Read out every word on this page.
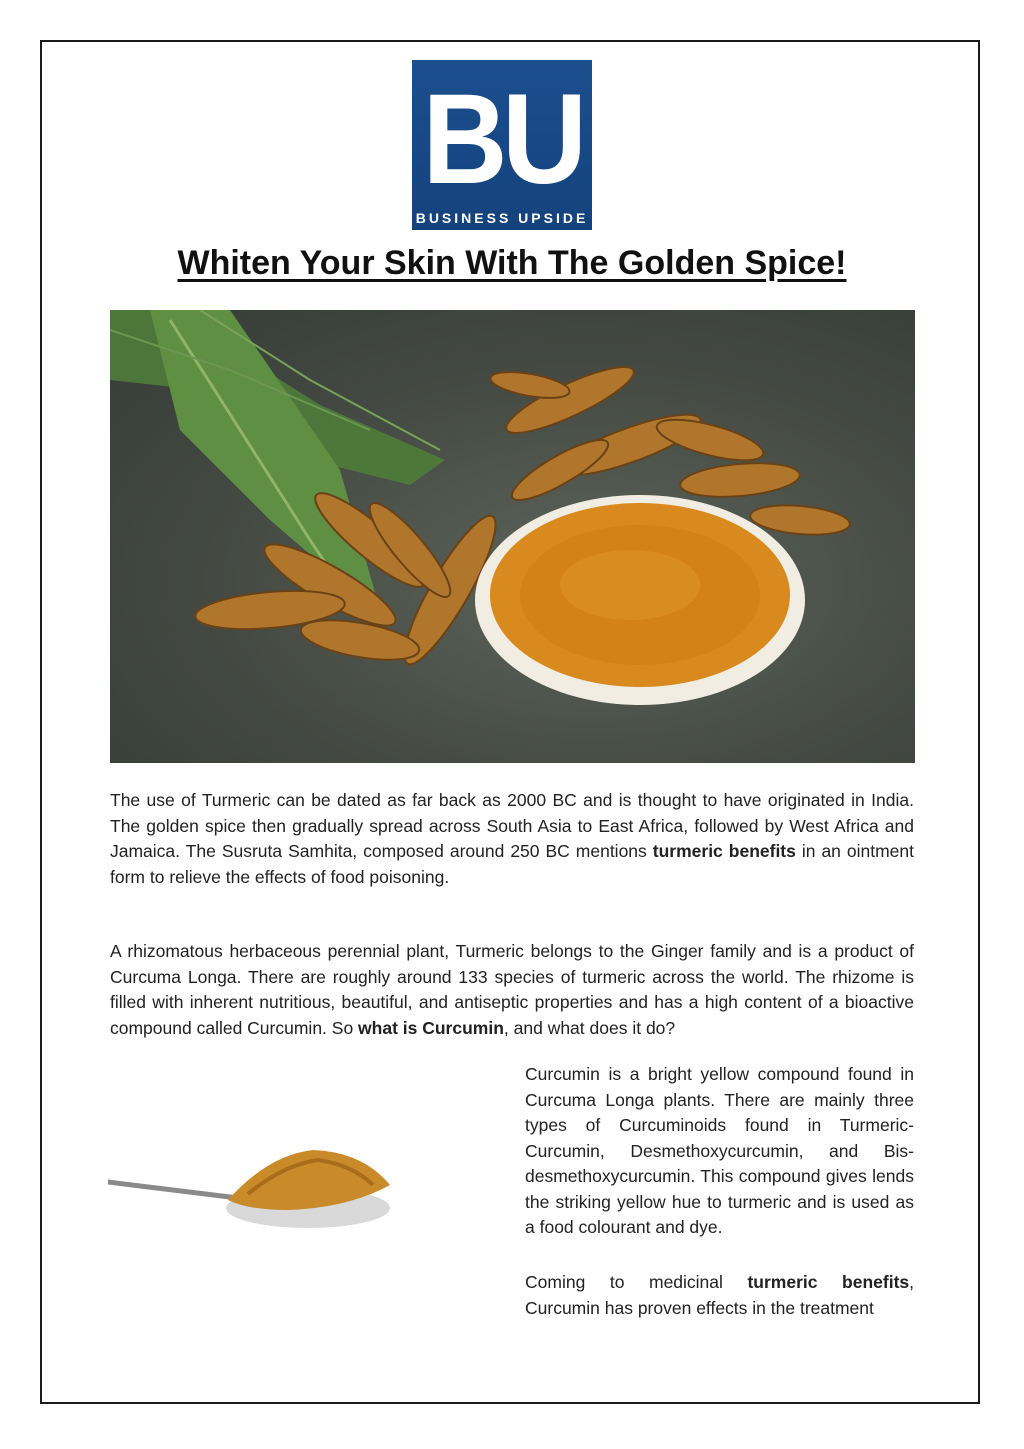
BU
BUSINESS UPSIDE
Whiten Your Skin With The Golden Spice!
The use of Turmeric can be dated as far back as 2000 BC and is thought to have originated in India. The golden spice then gradually spread across South Asia to East Africa, followed by West Africa and Jamaica. The Susruta Samhita, composed around 250 BC mentions turmeric benefits in an ointment form to relieve the effects of food poisoning.
A rhizomatous herbaceous perennial plant, Turmeric belongs to the Ginger family and is a product of Curcuma Longa. There are roughly around 133 species of turmeric across the world. The rhizome is filled with inherent nutritious, beautiful, and antiseptic properties and has a high content of a bioactive compound called Curcumin. So what is Curcumin, and what does it do?
Curcumin is a bright yellow compound found in Curcuma Longa plants. There are mainly three types of Curcuminoids found in Turmeric- Curcumin, Desmethoxycurcumin, and Bis-desmethoxycurcumin. This compound gives lends the striking yellow hue to turmeric and is used as a food colourant and dye.
Coming to medicinal turmeric benefits, Curcumin has proven effects in the treatment
